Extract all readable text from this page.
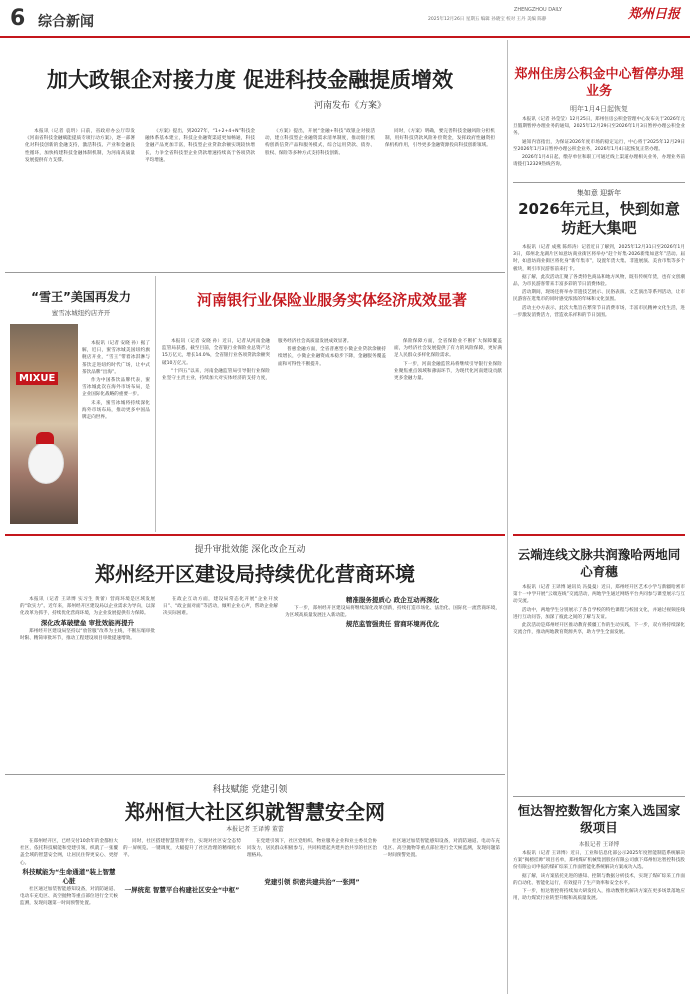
6 综合新闻
ZHENGZHOU DAILY
2025年12月26日 星期五 编辑 孙晓宝 校对 王丹 美编 陈静	郑州日报
加大政银企对接力度 促进科技金融提质增效
河南发布《方案》

本报讯（记者 袁玥）日前，省政府办公厅印发《河南省科技金融赋能提质专项行动方案》，逐一部署化对科技创新的金融支持，激活科技、产业和金融良性循环，加快构建科技金融体制机制，为河南高质量发展提供有力支撑。

《方案》提出，到2027年，“1+2+4+N”科技金融体系基本建立，科技企业融资渠道更加畅通，科技金融产品更加丰富，科技型企业贷款余额实现较快增长，力争全省科技型企业贷款增速持续高于各项贷款平均增速。

《方案》提出，开展“金融+科技”政银企对接活动，建立科技型企业融资需求清单制度，推动银行机构创新信贷产品和服务模式，综合运用贷款、债券、股权、保险等多种方式支持科技创新。

同时，《方案》明确，要完善科技金融风险分担机制，用好科技贷款风险补偿资金，发挥政府性融资担保机构作用，引导更多金融资源投向科技创新领域。

郑州住房公积金中心暂停办理业务
明年1月4日起恢复

本报讯（记者 孙莹莹）12月25日，郑州住房公积金管理中心发布关于2026年元旦假期暂停办理业务的通知，2025年12月29日至2026年1月3日暂停办理公积金业务。

通知内容指出，为保证2026年度市场的稳定运行，中心将于2025年12月29日至2026年1月3日暂停办理公积金业务，2026年1月4日起恢复正常办理。

2026年1月4日起，缴存单位和职工可通过线上渠道办理相关业务，办理业务前请拨打12329热线咨询。

集如意 迎新年
2026年元旦，快到如意坊赶大集吧

本报讯（记者 成燕 陈炜涛）记者近日了解到，2025年12月31日至2026年1月3日，郑州北龙湖片区如意坊商业街区将举办“赶个好集·2026新集如意年”活动。届时，如意坊商业街区将化身“新年集市”，设置年货大集、非遗展演、美食市集等多个板块，吸引市民游客前来打卡。

据了解，此次活动汇聚了各类特色商品和地方风物，既有传统年货，也有文创潮品，为市民游客带来丰富多彩的节日消费体验。

活动期间，现场还将举办非遗技艺展示、民俗表演、文艺演出等系列活动，让市民游客在逛集市的同时感受浓浓的年味和文化氛围。

活动主办方表示，此次大集旨在繁荣节日消费市场，丰富市民精神文化生活，进一步激发消费活力，营造欢乐祥和的节日氛围。

“雪王”美国再发力
蜜雪冰城纽约店齐开
MIXUE

本报讯（记者 安晓 孙）据了解，近日，蜜雪冰城美国纽约旗舰店开业，“雪王”带着冰淇淋与茶饮走进纽约时代广场，让中式茶饮品牌“出海”。

作为中国茶饮品牌代表，蜜雪冰城此次在海外市场布局，是企业国际化战略的重要一步。

未来，蜜雪冰城将持续深化海外市场布局，推动更多中国品牌走向世界。

河南银行业保险业服务实体经济成效显著

本报讯（记者 安晓 孙）近日，记者从河南金融监管局获悉，截至目前，全省银行业保险业总资产达15万亿元，增长14.0%，全省银行业各项贷款余额突破10万亿元。

“十四五”以来，河南金融监管局引导银行业保险业坚守主责主业，持续加大对实体经济的支持力度，服务经济社会高质量发展成效显著。

普惠金融方面，全省普惠型小微企业贷款余额持续增长，小微企业融资成本稳步下降，金融服务覆盖面和可得性不断提升。

保险保障方面，全省保险业不断扩大保障覆盖面，为经济社会发展提供了有力的风险保障，更好满足人民群众多样化保险需求。

下一步，河南金融监管局将继续引导银行业保险业聚焦重点领域和薄弱环节，为现代化河南建设贡献更多金融力量。

提升审批效能 深化改企互动
郑州经开区建设局持续优化营商环境

本报讯（记者 王译博 实习生 黄蕾）营商环境是区域发展的“软实力”。近年来，郑州经开区建设局以企业需求为导向，以深化改革为抓手，持续优化营商环境，为企业发展提供有力保障。

深化改革破壁垒 审批效能再提升

郑州经开区建设局坚持以“放管服”改革为主线，不断压缩审批时限、精简审批环节，推动工程建设项目审批提速增效。

在政企互动方面，建设局常态化开展“企业开放日”、“政企面对面”等活动，倾听企业心声，帮助企业解决实际困难。

精准服务提质心 政企互动再深化

下一步，郑州经开区建设局将继续深化改革创新，持续打造市场化、法治化、国际化一流营商环境，为区域高质量发展注入新动能。

规范监管强责任 营商环境再优化
云端连线文脉共润豫哈两地同心育穗

本报讯（记者 王译博 通讯员 冯曼曼）近日，郑州经开区艺术小学与新疆哈密市第十一中学开展“云端连线”交流活动，两地学生通过网络平台共同参与课堂展示与互动交流。

活动中，两地学生分别展示了各自学校的特色课程与校园文化，并通过视频连线进行互动问答，加深了彼此之间的了解与友谊。

此次活动是郑州经开区推动教育援疆工作的生动实践，下一步，双方将持续深化交流合作，推动两地教育资源共享，助力学生全面发展。

科技赋能 党建引领
郑州恒大社区织就智慧安全网
本报记者 王译博 董蕾

在郑州经开区，已经交付10余年的金都恒大社区，依托科技赋能和党建引领，织就了一张覆盖全域的智慧安全网，让居民住得更安心、更舒心。

科技赋能为“生命通道”装上智慧心脏

社区通过加装智能感知设备，对消防通道、电动车充电区、高空抛物等重点部位进行全天候监测，发现问题第一时间预警处置。

同时，社区搭建智慧管理平台，实现对社区安全态势的一屏统览、一键调度，大幅提升了社区治理的精细化水平。

一屏统览 智慧平台构建社区安全“中枢”

在党建引领下，社区党组织、物业服务企业和业主委员会协同发力，居民群众积极参与，共同构建起共建共治共享的社区治理格局。

党建引领 织密共建共治“一张网”

社区通过加装智能感知设备，对消防通道、电动车充电区、高空抛物等重点部位进行全天候监测，发现问题第一时间预警处置。

恒达智控数智化方案入选国家级项目
本报记者 王译博

本报讯（记者 王译博）近日，工业和信息化部公示2025年度智能制造系统解决方案“揭榜挂帅”项目名单，郑州煤矿机械集团股份有限公司旗下郑州恒达智控科技股份有限公司申报的煤矿综采工作面智能化系统解决方案成功入选。

据了解，该方案依托先进的感知、控制与数据分析技术，实现了煤矿综采工作面的自动化、智能化运行，有效提升了生产效率和安全水平。

下一步，恒达智控将持续加大研发投入，推动数智化解决方案在更多场景落地应用，助力煤炭行业转型升级和高质量发展。
